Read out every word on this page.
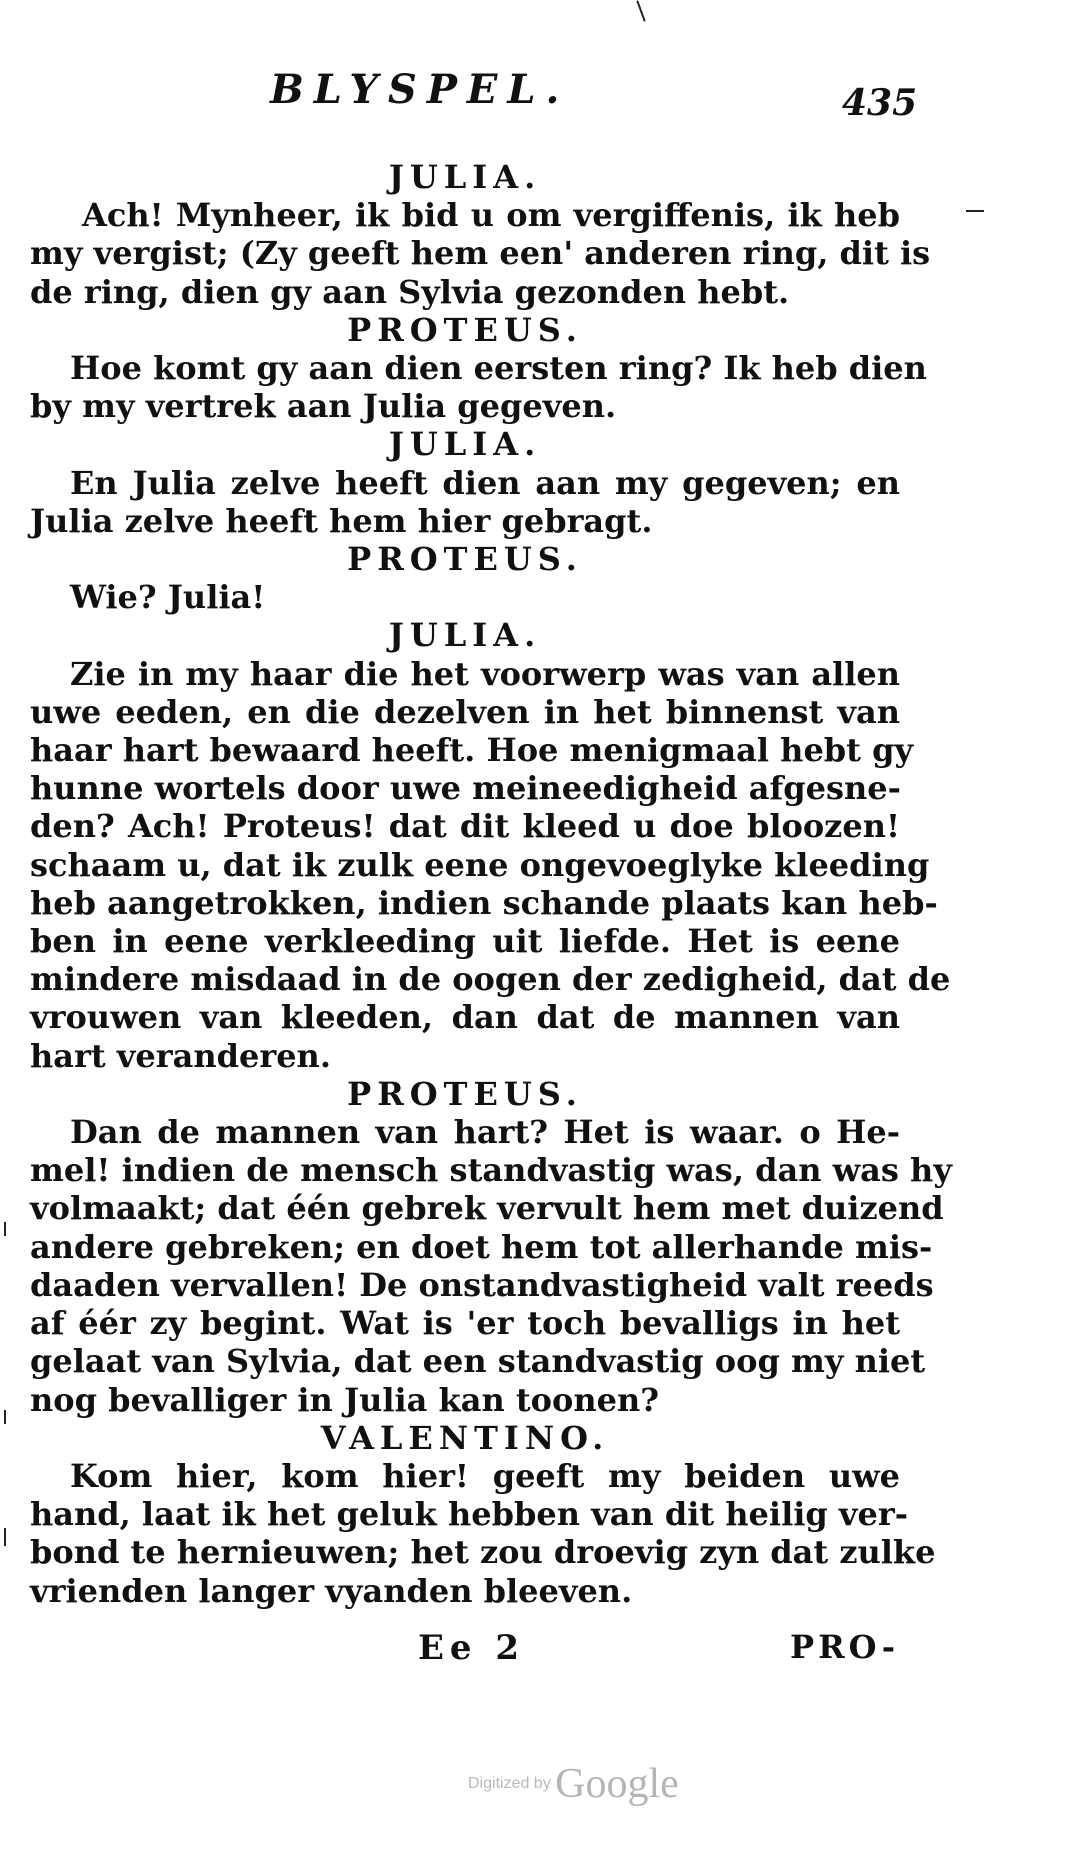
BLYSPEL.	435
JULIA.
Ach! Mynheer, ik bid u om vergiffenis, ik heb
my vergist; (Zy geeft hem een' anderen ring, dit is
de ring, dien gy aan Sylvia gezonden hebt.
PROTEUS.
Hoe komt gy aan dien eersten ring? Ik heb dien
by my vertrek aan Julia gegeven.
JULIA.
En Julia zelve heeft dien aan my gegeven; en
Julia zelve heeft hem hier gebragt.
PROTEUS.
Wie? Julia!
JULIA.
Zie in my haar die het voorwerp was van allen
uwe eeden, en die dezelven in het binnenst van
haar hart bewaard heeft. Hoe menigmaal hebt gy
hunne wortels door uwe meineedigheid afgesne-
den? Ach! Proteus! dat dit kleed u doe bloozen!
schaam u, dat ik zulk eene ongevoeglyke kleeding
heb aangetrokken, indien schande plaats kan heb-
ben in eene verkleeding uit liefde. Het is eene
mindere misdaad in de oogen der zedigheid, dat de
vrouwen van kleeden, dan dat de mannen van
hart veranderen.
PROTEUS.
Dan de mannen van hart? Het is waar. o He-
mel! indien de mensch standvastig was, dan was hy
volmaakt; dat één gebrek vervult hem met duizend
andere gebreken; en doet hem tot allerhande mis-
daaden vervallen! De onstandvastigheid valt reeds
af éér zy begint. Wat is 'er toch bevalligs in het
gelaat van Sylvia, dat een standvastig oog my niet
nog bevalliger in Julia kan toonen?
VALENTINO.
Kom hier, kom hier! geeft my beiden uwe
hand, laat ik het geluk hebben van dit heilig ver-
bond te hernieuwen; het zou droevig zyn dat zulke
vrienden langer vyanden bleeven.
Ee 2	PRO-
Digitized by Google
